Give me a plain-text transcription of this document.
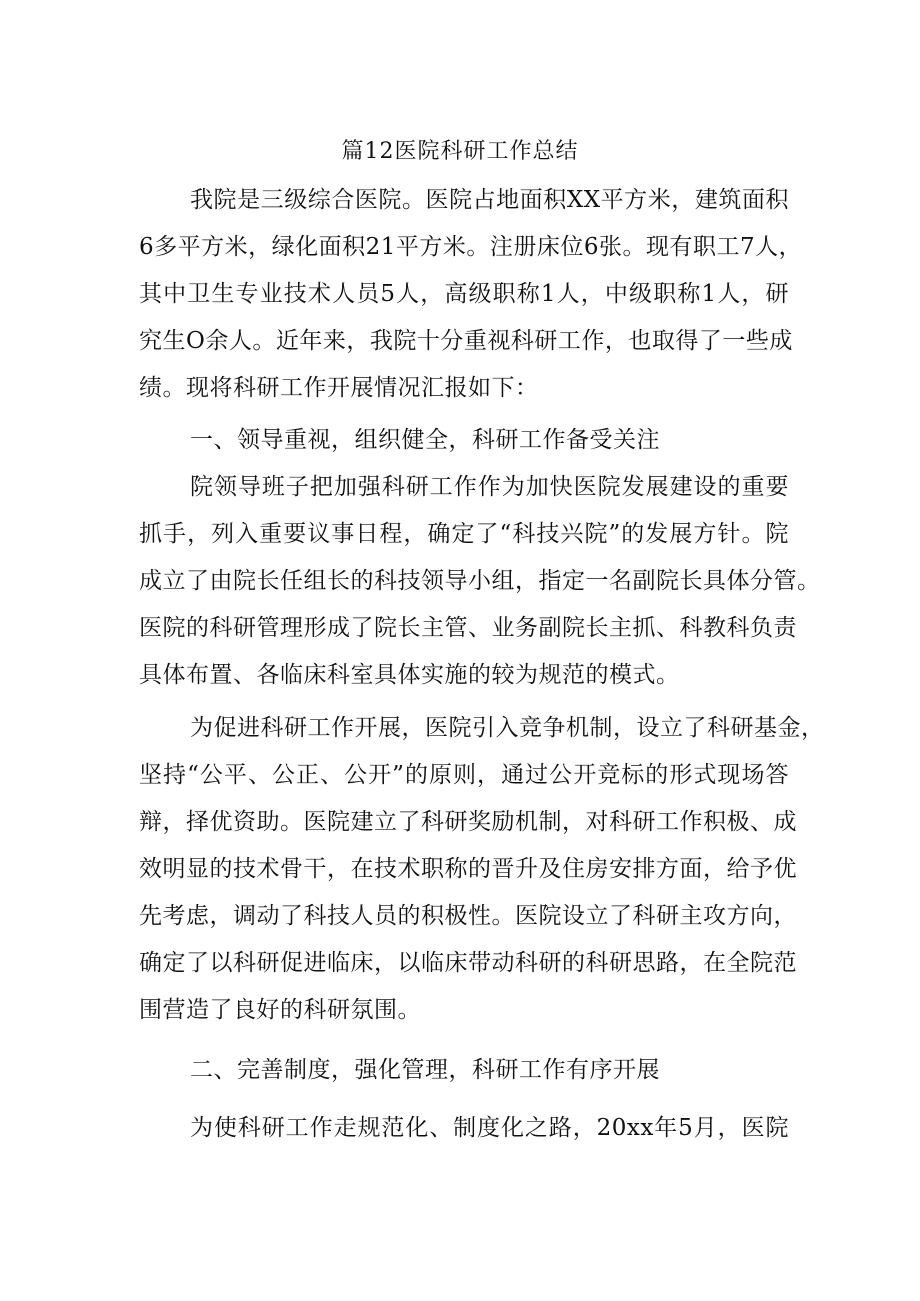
篇12医院科研工作总结
我院是三级综合医院。医院占地面积XX平方米，建筑面积
6多平方米，绿化面积21平方米。注册床位6张。现有职工7人，
其中卫生专业技术人员5人，高级职称1人，中级职称1人，研
究生O余人。近年来，我院十分重视科研工作，也取得了一些成
绩。现将科研工作开展情况汇报如下：
一、领导重视，组织健全，科研工作备受关注
院领导班子把加强科研工作作为加快医院发展建设的重要
抓手，列入重要议事日程，确定了“科技兴院”的发展方针。院
成立了由院长任组长的科技领导小组，指定一名副院长具体分管。
医院的科研管理形成了院长主管、业务副院长主抓、科教科负责
具体布置、各临床科室具体实施的较为规范的模式。
为促进科研工作开展，医院引入竞争机制，设立了科研基金，
坚持“公平、公正、公开”的原则，通过公开竞标的形式现场答
辩，择优资助。医院建立了科研奖励机制，对科研工作积极、成
效明显的技术骨干，在技术职称的晋升及住房安排方面，给予优
先考虑，调动了科技人员的积极性。医院设立了科研主攻方向，
确定了以科研促进临床，以临床带动科研的科研思路，在全院范
围营造了良好的科研氛围。
二、完善制度，强化管理，科研工作有序开展
为使科研工作走规范化、制度化之路，20xx年5月，医院
